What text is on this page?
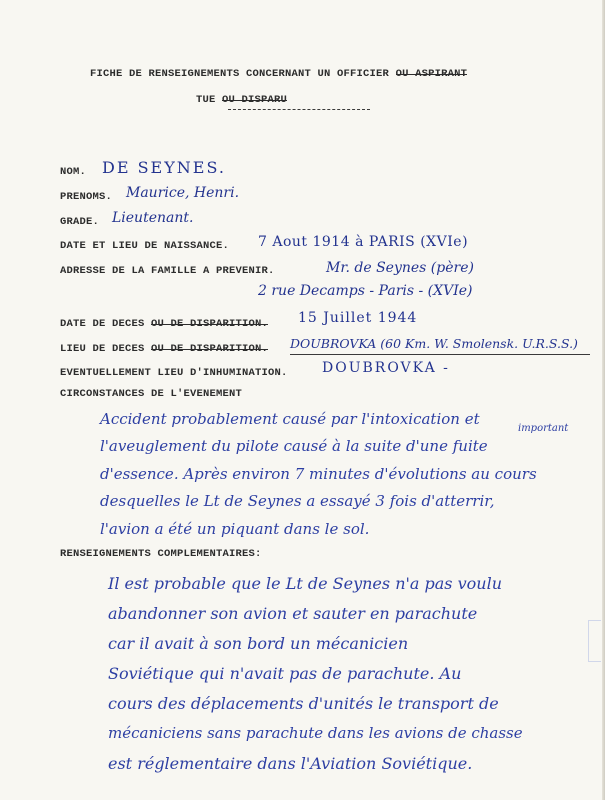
FICHE DE RENSEIGNEMENTS CONCERNANT UN OFFICIER OU ASPIRANT
TUE OU DISPARU
NOM. DE SEYNES.
PRENOMS. Maurice, Henri.
GRADE. Lieutenant.
DATE ET LIEU DE NAISSANCE. 7 Aout 1914 à PARIS (XVIe)
ADRESSE DE LA FAMILLE A PREVENIR.	Mr. de Seynes (père)
2 rue Decamps - Paris - (XVIe)
DATE DE DECES OU DE DISPARITION. 15 Juillet 1944
LIEU DE DECES OU DE DISPARITION. DOUBROVKA (60 Km. W. Smolensk. U.R.S.S.)
EVENTUELLEMENT LIEU D'INHUMINATION. DOUBROVKA -
CIRCONSTANCES DE L'EVENEMENT
Accident probablement causé par l'intoxication et
important
l'aveuglement du pilote causé à la suite d'une fuite
d'essence. Après environ 7 minutes d'évolutions au cours
desquelles le Lt de Seynes a essayé 3 fois d'atterrir,
l'avion a été un piquant dans le sol.
RENSEIGNEMENTS COMPLEMENTAIRES:
Il est probable que le Lt de Seynes n'a pas voulu
abandonner son avion et sauter en parachute
car il avait à son bord un mécanicien
Soviétique qui n'avait pas de parachute. Au
cours des déplacements d'unités le transport de
mécaniciens sans parachute dans les avions de chasse
est réglementaire dans l'Aviation Soviétique.
